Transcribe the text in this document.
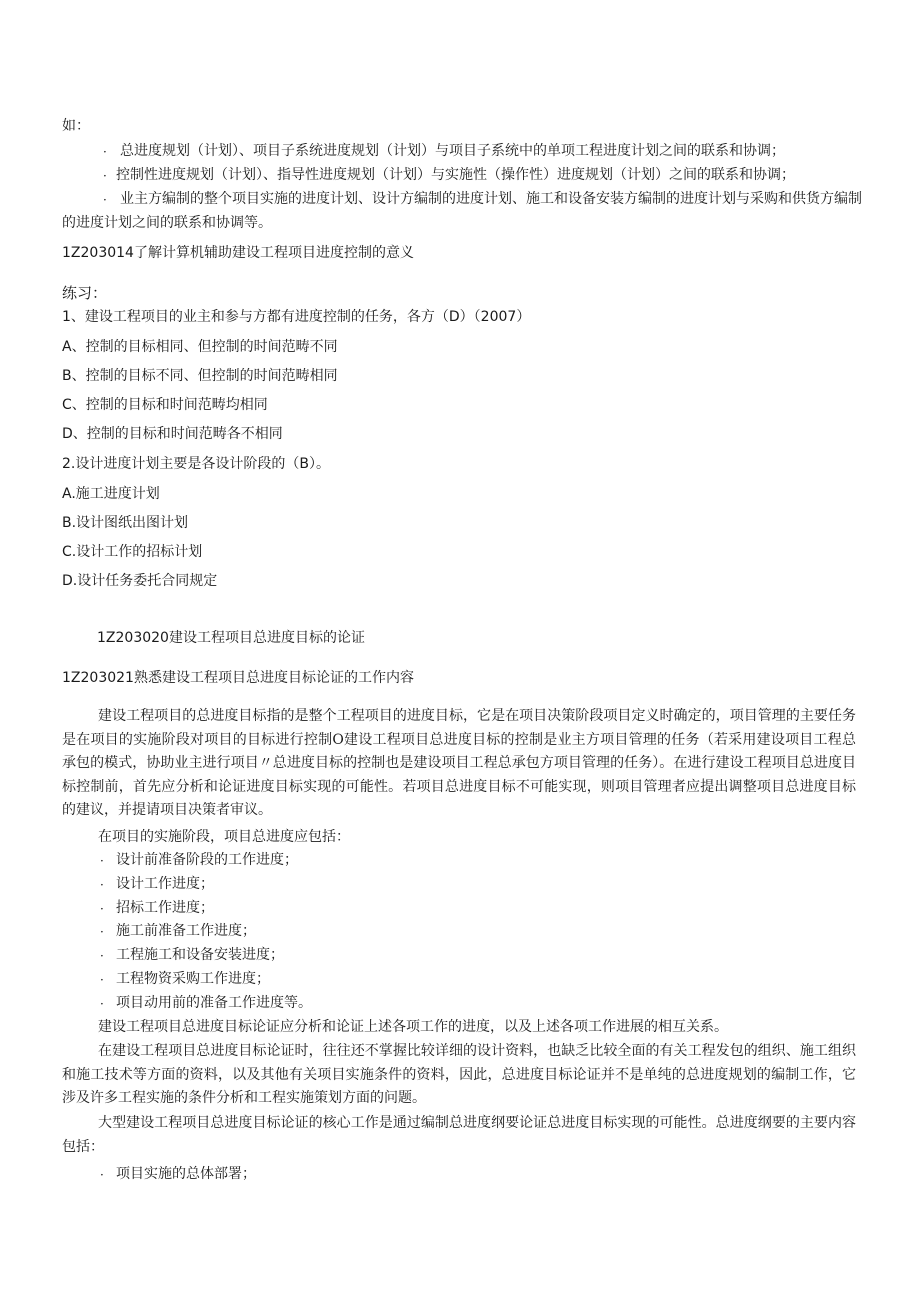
如：
· 总进度规划（计划）、项目子系统进度规划（计划）与项目子系统中的单项工程进度计划之间的联系和协调；
· 控制性进度规划（计划）、指导性进度规划（计划）与实施性（操作性）进度规划（计划）之间的联系和协调；
· 业主方编制的整个项目实施的进度计划、设计方编制的进度计划、施工和设备安装方编制的进度计划与采购和供货方编制的进度计划之间的联系和协调等。
1Z203014了解计算机辅助建设工程项目进度控制的意义
练习：
1、建设工程项目的业主和参与方都有进度控制的任务，各方（D）（2007）
A、控制的目标相同、但控制的时间范畴不同
B、控制的目标不同、但控制的时间范畴相同
C、控制的目标和时间范畴均相同
D、控制的目标和时间范畴各不相同
2.设计进度计划主要是各设计阶段的（B）。
A.施工进度计划
B.设计图纸出图计划
C.设计工作的招标计划
D.设计任务委托合同规定
1Z203020建设工程项目总进度目标的论证
1Z203021熟悉建设工程项目总进度目标论证的工作内容
建设工程项目的总进度目标指的是整个工程项目的进度目标，它是在项目决策阶段项目定义时确定的，项目管理的主要任务是在项目的实施阶段对项目的目标进行控制O建设工程项目总进度目标的控制是业主方项目管理的任务（若采用建设项目工程总承包的模式，协助业主进行项目〃总进度目标的控制也是建设项目工程总承包方项目管理的任务）。在进行建设工程项目总进度目标控制前，首先应分析和论证进度目标实现的可能性。若项目总进度目标不可能实现，则项目管理者应提出调整项目总进度目标的建议，并提请项目决策者审议。
在项目的实施阶段，项目总进度应包括：
· 设计前准备阶段的工作进度；
· 设计工作进度；
· 招标工作进度；
· 施工前准备工作进度；
· 工程施工和设备安装进度；
· 工程物资采购工作进度；
· 项目动用前的准备工作进度等。
建设工程项目总进度目标论证应分析和论证上述各项工作的进度，以及上述各项工作进展的相互关系。
在建设工程项目总进度目标论证时，往往还不掌握比较详细的设计资料，也缺乏比较全面的有关工程发包的组织、施工组织和施工技术等方面的资料，以及其他有关项目实施条件的资料，因此，总进度目标论证并不是单纯的总进度规划的编制工作，它涉及许多工程实施的条件分析和工程实施策划方面的问题。
大型建设工程项目总进度目标论证的核心工作是通过编制总进度纲要论证总进度目标实现的可能性。总进度纲要的主要内容包括：
· 项目实施的总体部署；
